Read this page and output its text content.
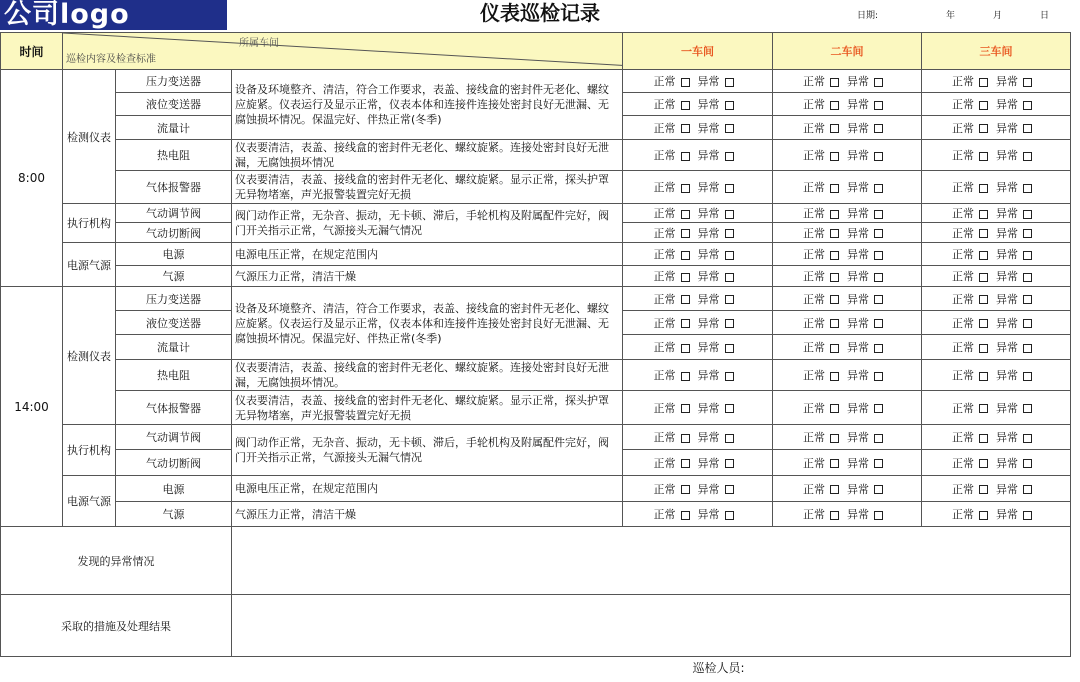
公司logo	仪表巡检记录	日期:	年	月	日
时间	所属车间
巡检内容及检查标准			一车间	二车间	三车间
8:00	检测仪表	压力变送器	设备及环境整齐、清洁，符合工作要求，表盖、接线盒的密封件无老化、螺纹应旋紧。仪表运行及显示正常，仪表本体和连接件连接处密封良好无泄漏、无腐蚀损坏情况。保温完好、伴热正常(冬季)	正常 异常	正常 异常	正常 异常
		液位变送器		正常 异常	正常 异常	正常 异常
		流量计		正常 异常	正常 异常	正常 异常
		热电阻	仪表要清洁，表盖、接线盒的密封件无老化、螺纹旋紧。连接处密封良好无泄漏，无腐蚀损坏情况	正常 异常	正常 异常	正常 异常
		气体报警器	仪表要清洁，表盖、接线盒的密封件无老化、螺纹旋紧。显示正常，探头护罩无异物堵塞，声光报警装置完好无损	正常 异常	正常 异常	正常 异常
	执行机构	气动调节阀	阀门动作正常，无杂音、振动，无卡顿、滞后，手轮机构及附属配件完好，阀门开关指示正常，气源接头无漏气情况	正常 异常	正常 异常	正常 异常
		气动切断阀		正常 异常	正常 异常	正常 异常
	电源气源	电源	电源电压正常，在规定范围内	正常 异常	正常 异常	正常 异常
		气源	气源压力正常，清洁干燥	正常 异常	正常 异常	正常 异常
14:00	检测仪表	压力变送器	设备及环境整齐、清洁，符合工作要求，表盖、接线盒的密封件无老化、螺纹应旋紧。仪表运行及显示正常，仪表本体和连接件连接处密封良好无泄漏、无腐蚀损坏情况。保温完好、伴热正常(冬季)	正常 异常	正常 异常	正常 异常
		液位变送器		正常 异常	正常 异常	正常 异常
		流量计		正常 异常	正常 异常	正常 异常
		热电阻	仪表要清洁，表盖、接线盒的密封件无老化、螺纹旋紧。连接处密封良好无泄漏，无腐蚀损坏情况。	正常 异常	正常 异常	正常 异常
		气体报警器	仪表要清洁，表盖、接线盒的密封件无老化、螺纹旋紧。显示正常，探头护罩无异物堵塞，声光报警装置完好无损	正常 异常	正常 异常	正常 异常
	执行机构	气动调节阀	阀门动作正常，无杂音、振动，无卡顿、滞后，手轮机构及附属配件完好，阀门开关指示正常，气源接头无漏气情况	正常 异常	正常 异常	正常 异常
		气动切断阀		正常 异常	正常 异常	正常 异常
	电源气源	电源	电源电压正常，在规定范围内	正常 异常	正常 异常	正常 异常
		气源	气源压力正常，清洁干燥	正常 异常	正常 异常	正常 异常
发现的异常情况						
采取的措施及处理结果						
				巡检人员:		
